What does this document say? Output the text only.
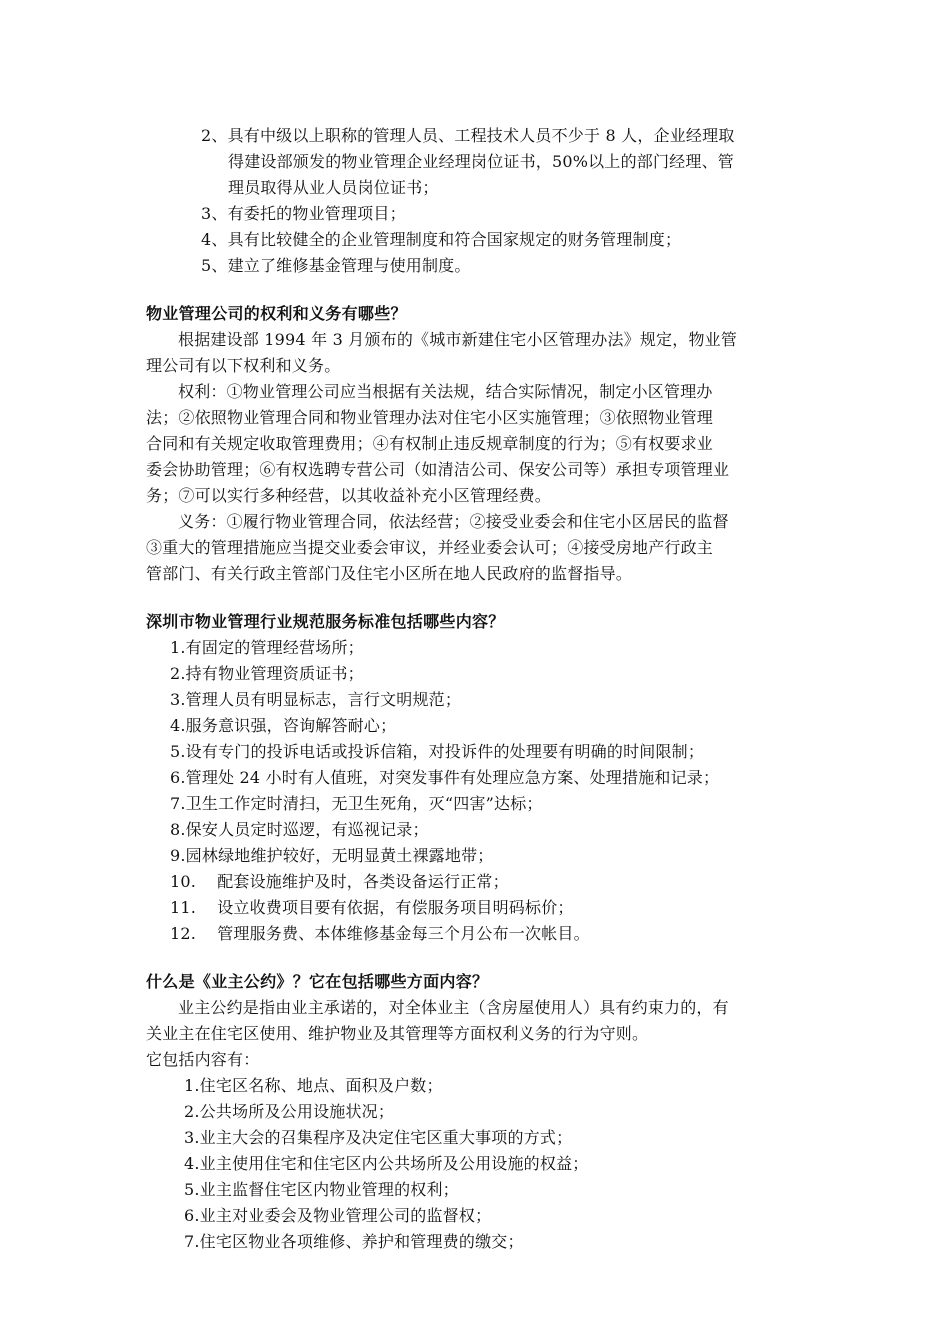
2、具有中级以上职称的管理人员、工程技术人员不少于 8 人，企业经理取
得建设部颁发的物业管理企业经理岗位证书，50%以上的部门经理、管
理员取得从业人员岗位证书；
3、有委托的物业管理项目；
4、具有比较健全的企业管理制度和符合国家规定的财务管理制度；
5、建立了维修基金管理与使用制度。
物业管理公司的权利和义务有哪些？
根据建设部 1994 年 3 月颁布的《城市新建住宅小区管理办法》规定，物业管
理公司有以下权利和义务。
权利：①物业管理公司应当根据有关法规，结合实际情况，制定小区管理办
法；②依照物业管理合同和物业管理办法对住宅小区实施管理；③依照物业管理
合同和有关规定收取管理费用；④有权制止违反规章制度的行为；⑤有权要求业
委会协助管理；⑥有权选聘专营公司（如清洁公司、保安公司等）承担专项管理业
务；⑦可以实行多种经营，以其收益补充小区管理经费。
义务：①履行物业管理合同，依法经营；②接受业委会和住宅小区居民的监督
③重大的管理措施应当提交业委会审议，并经业委会认可；④接受房地产行政主
管部门、有关行政主管部门及住宅小区所在地人民政府的监督指导。
深圳市物业管理行业规范服务标准包括哪些内容？
1.有固定的管理经营场所；
2.持有物业管理资质证书；
3.管理人员有明显标志，言行文明规范；
4.服务意识强，咨询解答耐心；
5.设有专门的投诉电话或投诉信箱，对投诉件的处理要有明确的时间限制；
6.管理处 24 小时有人值班，对突发事件有处理应急方案、处理措施和记录；
7.卫生工作定时清扫，无卫生死角，灭“四害”达标；
8.保安人员定时巡逻，有巡视记录；
9.园林绿地维护较好，无明显黄土裸露地带；
10.    配套设施维护及时，各类设备运行正常；
11.    设立收费项目要有依据，有偿服务项目明码标价；
12.    管理服务费、本体维修基金每三个月公布一次帐目。
什么是《业主公约》？它在包括哪些方面内容？
业主公约是指由业主承诺的，对全体业主（含房屋使用人）具有约束力的，有
关业主在住宅区使用、维护物业及其管理等方面权利义务的行为守则。
它包括内容有：
1.住宅区名称、地点、面积及户数；
2.公共场所及公用设施状况；
3.业主大会的召集程序及决定住宅区重大事项的方式；
4.业主使用住宅和住宅区内公共场所及公用设施的权益；
5.业主监督住宅区内物业管理的权利；
6.业主对业委会及物业管理公司的监督权；
7.住宅区物业各项维修、养护和管理费的缴交；
